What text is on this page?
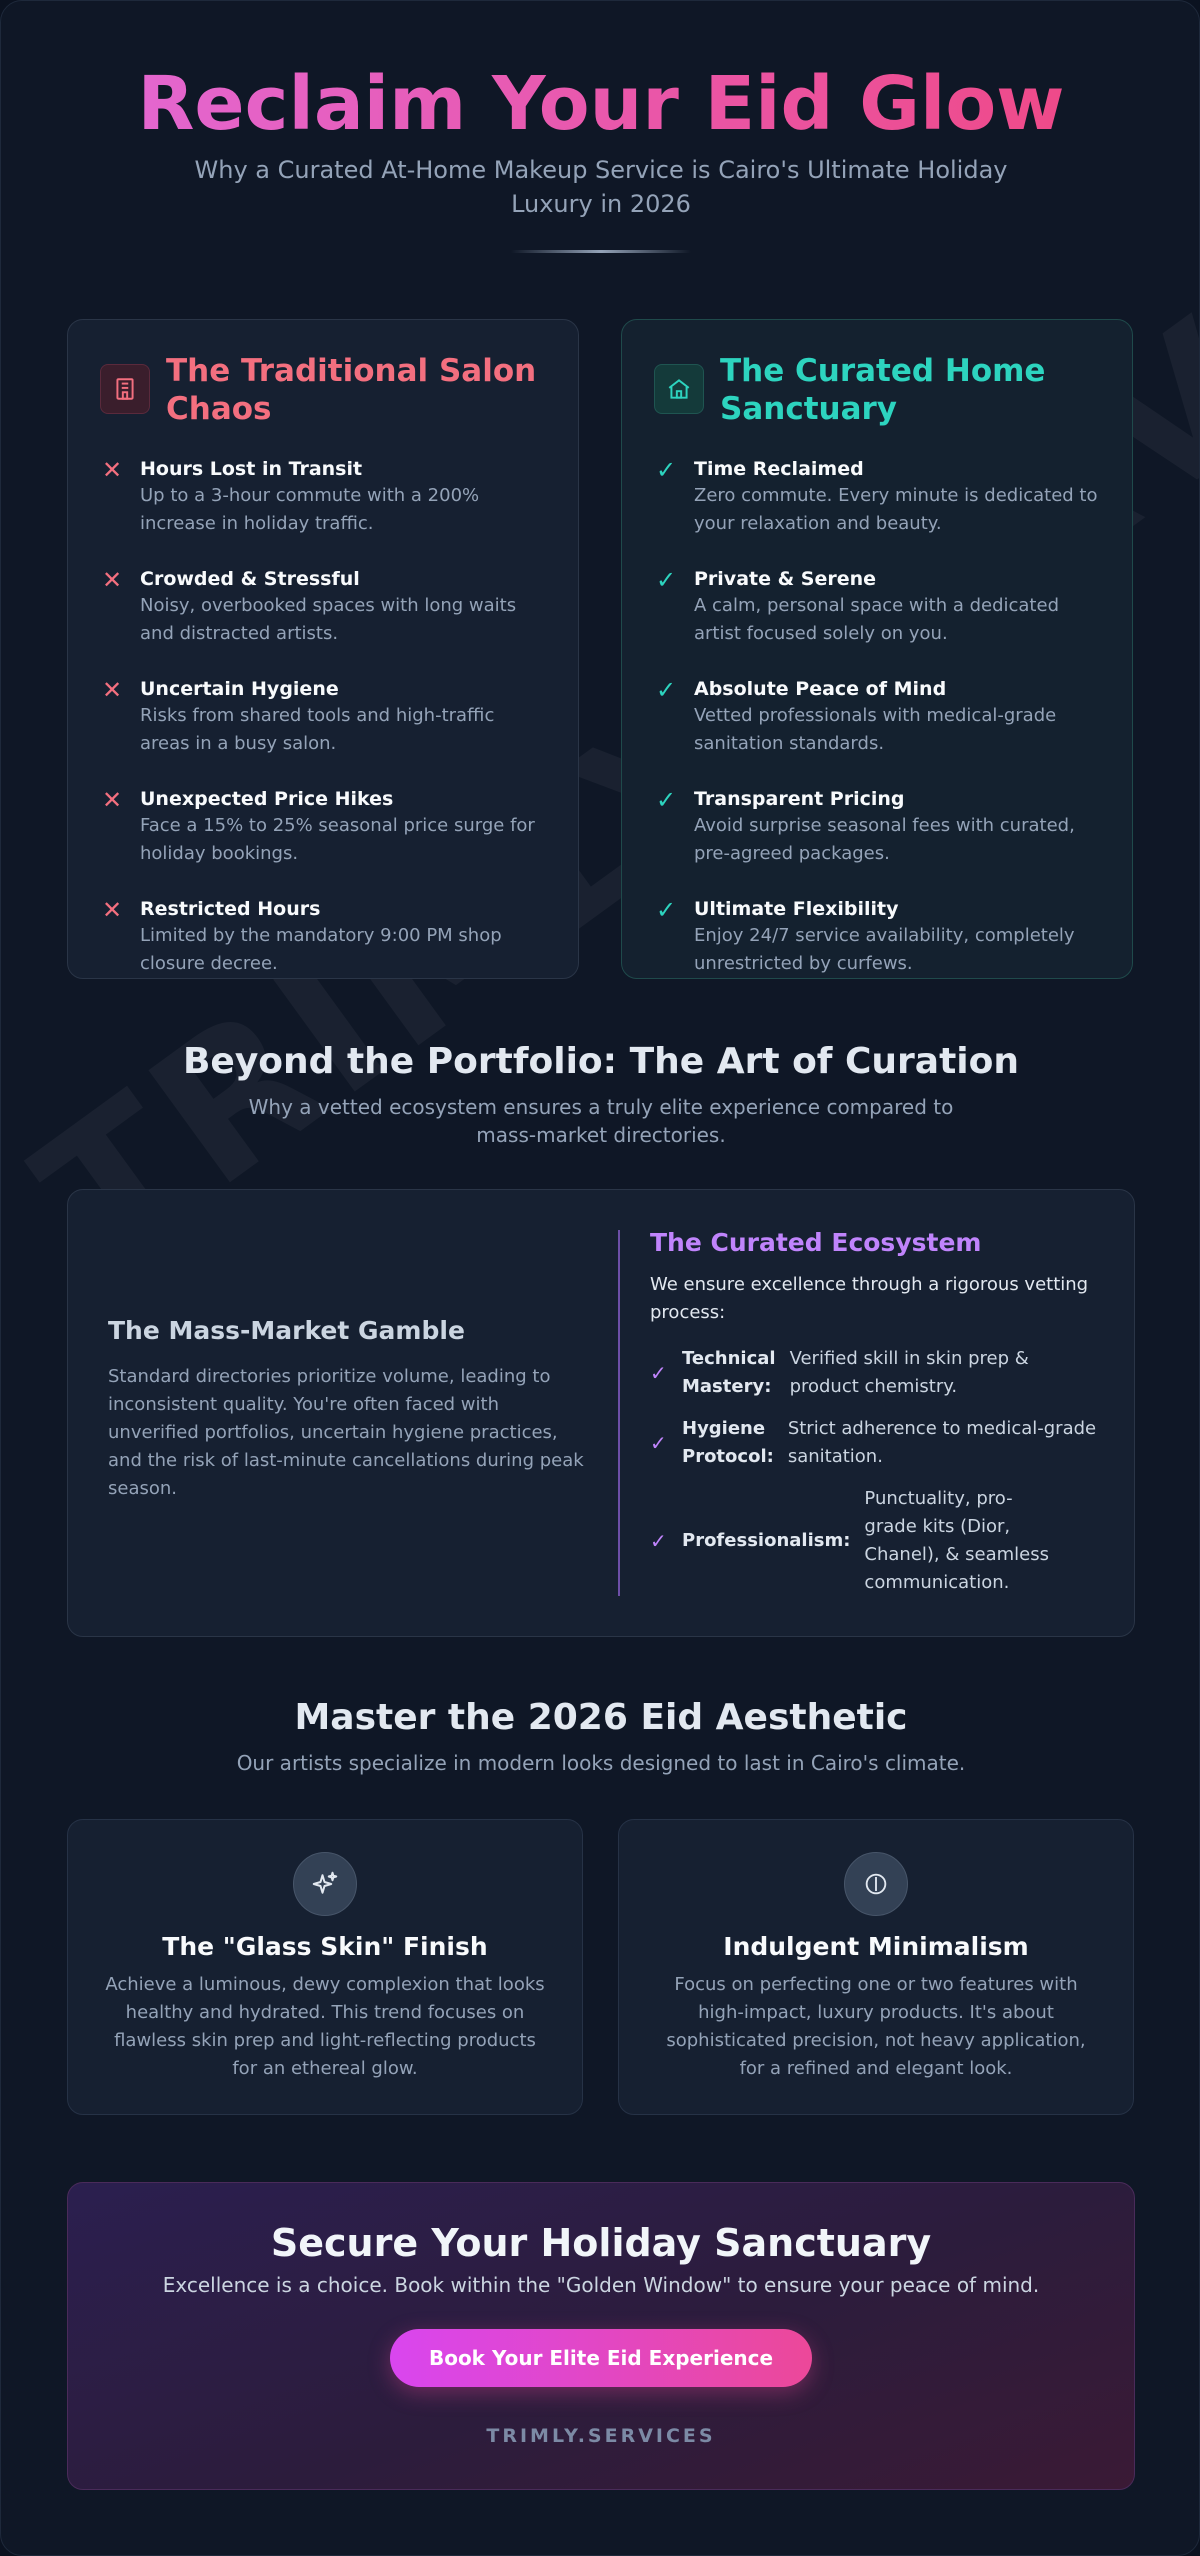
Reclaim Your Eid Glow

Why a Curated At-Home Makeup Service is Cairo's Ultimate Holiday Luxury in 2026

The Traditional Salon Chaos
✕ Hours Lost in Transit
Up to a 3-hour commute with a 200% increase in holiday traffic.
✕ Crowded & Stressful
Noisy, overbooked spaces with long waits and distracted artists.
✕ Uncertain Hygiene
Risks from shared tools and high-traffic areas in a busy salon.
✕ Unexpected Price Hikes
Face a 15% to 25% seasonal price surge for holiday bookings.
✕ Restricted Hours
Limited by the mandatory 9:00 PM shop closure decree.
The Curated Home Sanctuary
✓ Time Reclaimed
Zero commute. Every minute is dedicated to your relaxation and beauty.
✓ Private & Serene
A calm, personal space with a dedicated artist focused solely on you.
✓ Absolute Peace of Mind
Vetted professionals with medical-grade sanitation standards.
✓ Transparent Pricing
Avoid surprise seasonal fees with curated, pre-agreed packages.
✓ Ultimate Flexibility
Enjoy 24/7 service availability, completely unrestricted by curfews.
Beyond the Portfolio: The Art of Curation

Why a vetted ecosystem ensures a truly elite experience compared to mass-market directories.

The Mass-Market Gamble

Standard directories prioritize volume, leading to inconsistent quality. You're often faced with unverified portfolios, uncertain hygiene practices, and the risk of last-minute cancellations during peak season.

The Curated Ecosystem

We ensure excellence through a rigorous vetting process:

✓
Technical Mastery:
Verified skill in skin prep & product chemistry.
✓
Hygiene Protocol:
Strict adherence to medical-grade sanitation.
✓ Professionalism:
Punctuality, pro-grade kits (Dior, Chanel), & seamless communication.
Master the 2026 Eid Aesthetic

Our artists specialize in modern looks designed to last in Cairo's climate.

The "Glass Skin" Finish

Achieve a luminous, dewy complexion that looks healthy and hydrated. This trend focuses on flawless skin prep and light-reflecting products for an ethereal glow.

Indulgent Minimalism

Focus on perfecting one or two features with high-impact, luxury products. It's about sophisticated precision, not heavy application, for a refined and elegant look.

Secure Your Holiday Sanctuary

Excellence is a choice. Book within the "Golden Window" to ensure your peace of mind.

Book Your Elite Eid Experience
TRIMLY.SERVICES
